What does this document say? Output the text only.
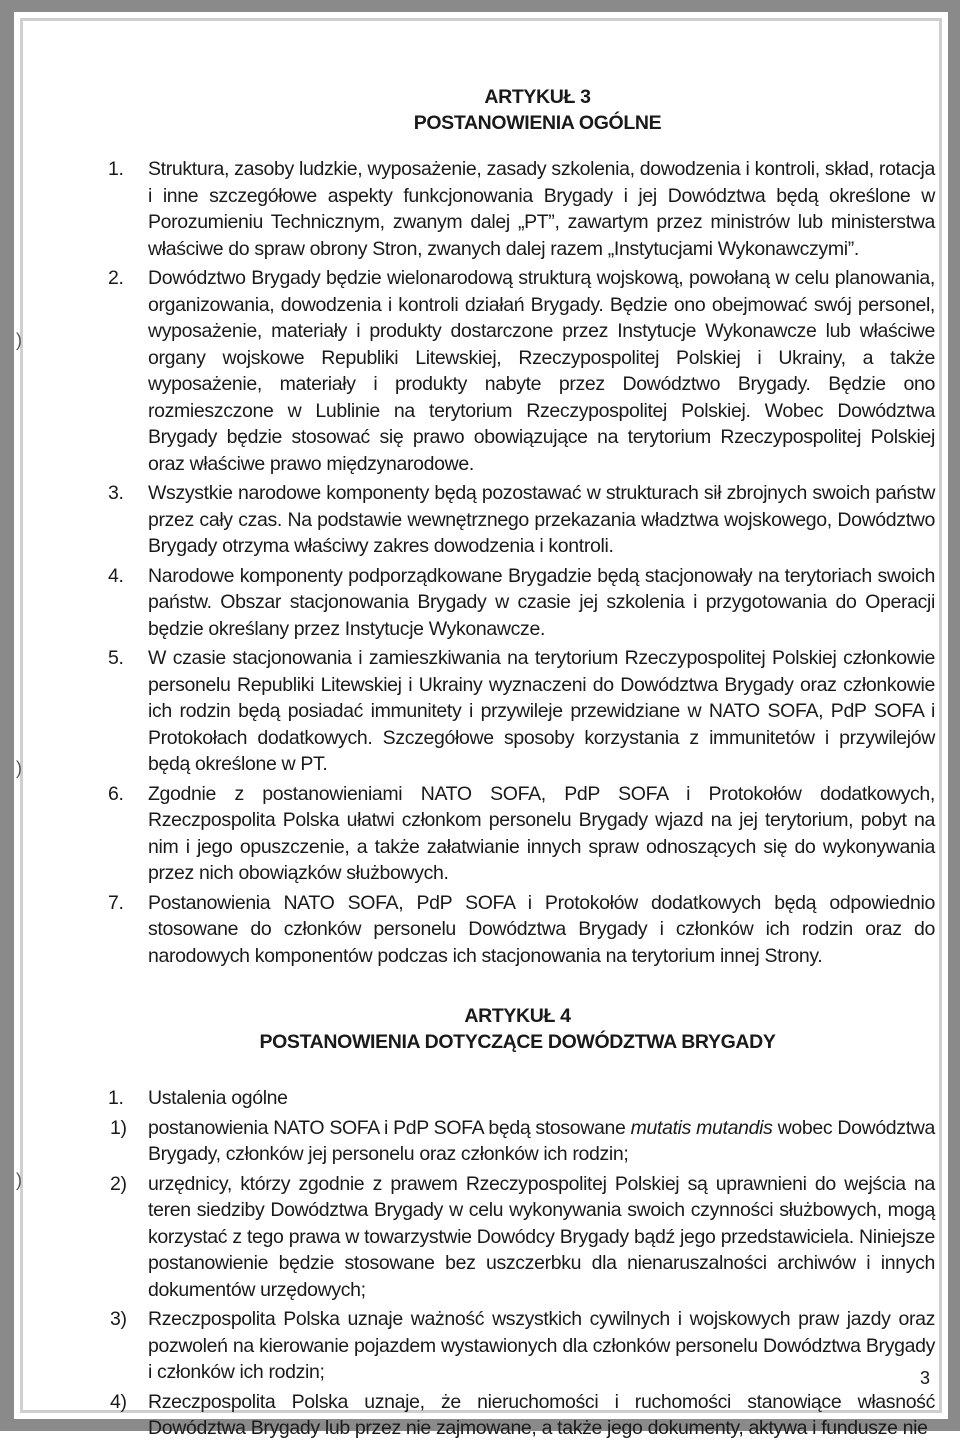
)
)
)

ARTYKUŁ 3

POSTANOWIENIA OGÓLNE

1. Struktura, zasoby ludzkie, wyposażenie, zasady szkolenia, dowodzenia i kontroli, skład, rotacja i inne szczegółowe aspekty funkcjonowania Brygady i jej Dowództwa będą określone w Porozumieniu Technicznym, zwanym dalej „PT”, zawartym przez ministrów lub ministerstwa właściwe do spraw obrony Stron, zwanych dalej razem „Instytucjami Wykonawczymi”.

2. Dowództwo Brygady będzie wielonarodową strukturą wojskową, powołaną w celu planowania, organizowania, dowodzenia i kontroli działań Brygady. Będzie ono obejmować swój personel, wyposażenie, materiały i produkty dostarczone przez Instytucje Wykonawcze lub właściwe organy wojskowe Republiki Litewskiej, Rzeczypospolitej Polskiej i Ukrainy, a także wyposażenie, materiały i produkty nabyte przez Dowództwo Brygady. Będzie ono rozmieszczone w Lublinie na terytorium Rzeczypospolitej Polskiej. Wobec Dowództwa Brygady będzie stosować się prawo obowiązujące na terytorium Rzeczypospolitej Polskiej oraz właściwe prawo międzynarodowe.

3. Wszystkie narodowe komponenty będą pozostawać w strukturach sił zbrojnych swoich państw przez cały czas. Na podstawie wewnętrznego przekazania władztwa wojskowego, Dowództwo Brygady otrzyma właściwy zakres dowodzenia i kontroli.

4. Narodowe komponenty podporządkowane Brygadzie będą stacjonowały na terytoriach swoich państw. Obszar stacjonowania Brygady w czasie jej szkolenia i przygotowania do Operacji będzie określany przez Instytucje Wykonawcze.

5. W czasie stacjonowania i zamieszkiwania na terytorium Rzeczypospolitej Polskiej członkowie personelu Republiki Litewskiej i Ukrainy wyznaczeni do Dowództwa Brygady oraz członkowie ich rodzin będą posiadać immunitety i przywileje przewidziane w NATO SOFA, PdP SOFA i Protokołach dodatkowych. Szczegółowe sposoby korzystania z immunitetów i przywilejów będą określone w PT.

6. Zgodnie z postanowieniami NATO SOFA, PdP SOFA i Protokołów dodatkowych, Rzeczpospolita Polska ułatwi członkom personelu Brygady wjazd na jej terytorium, pobyt na nim i jego opuszczenie, a także załatwianie innych spraw odnoszących się do wykonywania przez nich obowiązków służbowych.

7. Postanowienia NATO SOFA, PdP SOFA i Protokołów dodatkowych będą odpowiednio stosowane do członków personelu Dowództwa Brygady i członków ich rodzin oraz do narodowych komponentów podczas ich stacjonowania na terytorium innej Strony.

ARTYKUŁ 4

POSTANOWIENIA DOTYCZĄCE DOWÓDZTWA BRYGADY

1. Ustalenia ogólne

1) postanowienia NATO SOFA i PdP SOFA będą stosowane mutatis mutandis wobec Dowództwa Brygady, członków jej personelu oraz członków ich rodzin;

2) urzędnicy, którzy zgodnie z prawem Rzeczypospolitej Polskiej są uprawnieni do wejścia na teren siedziby Dowództwa Brygady w celu wykonywania swoich czynności służbowych, mogą korzystać z tego prawa w towarzystwie Dowódcy Brygady bądź jego przedstawiciela. Niniejsze postanowienie będzie stosowane bez uszczerbku dla nienaruszalności archiwów i innych dokumentów urzędowych;

3) Rzeczpospolita Polska uznaje ważność wszystkich cywilnych i wojskowych praw jazdy oraz pozwoleń na kierowanie pojazdem wystawionych dla członków personelu Dowództwa Brygady i członków ich rodzin;

4) Rzeczpospolita Polska uznaje, że nieruchomości i ruchomości stanowiące własność Dowództwa Brygady lub przez nie zajmowane, a także jego dokumenty, aktywa i fundusze nie

3
